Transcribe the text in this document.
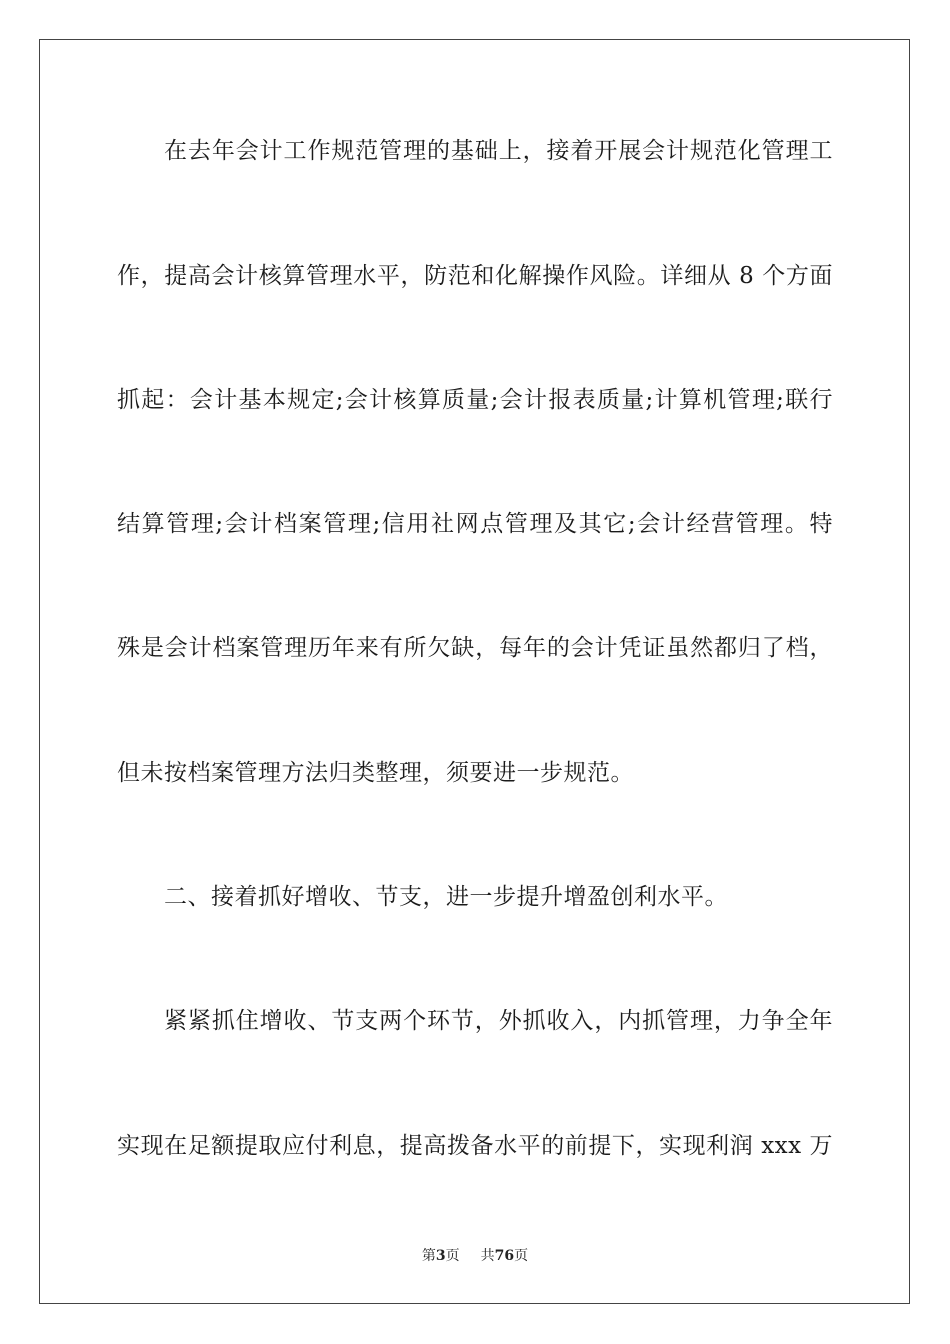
在去年会计工作规范管理的基础上，接着开展会计规范化管理工
作，提高会计核算管理水平，防范和化解操作风险。详细从 8 个方面
抓起：会计基本规定;会计核算质量;会计报表质量;计算机管理;联行
结算管理;会计档案管理;信用社网点管理及其它;会计经营管理。特
殊是会计档案管理历年来有所欠缺，每年的会计凭证虽然都归了档，
但未按档案管理方法归类整理，须要进一步规范。
二、接着抓好增收、节支，进一步提升增盈创利水平。
紧紧抓住增收、节支两个环节，外抓收入，内抓管理，力争全年
实现在足额提取应付利息，提高拨备水平的前提下，实现利润 xxx 万
第3页 共76页
